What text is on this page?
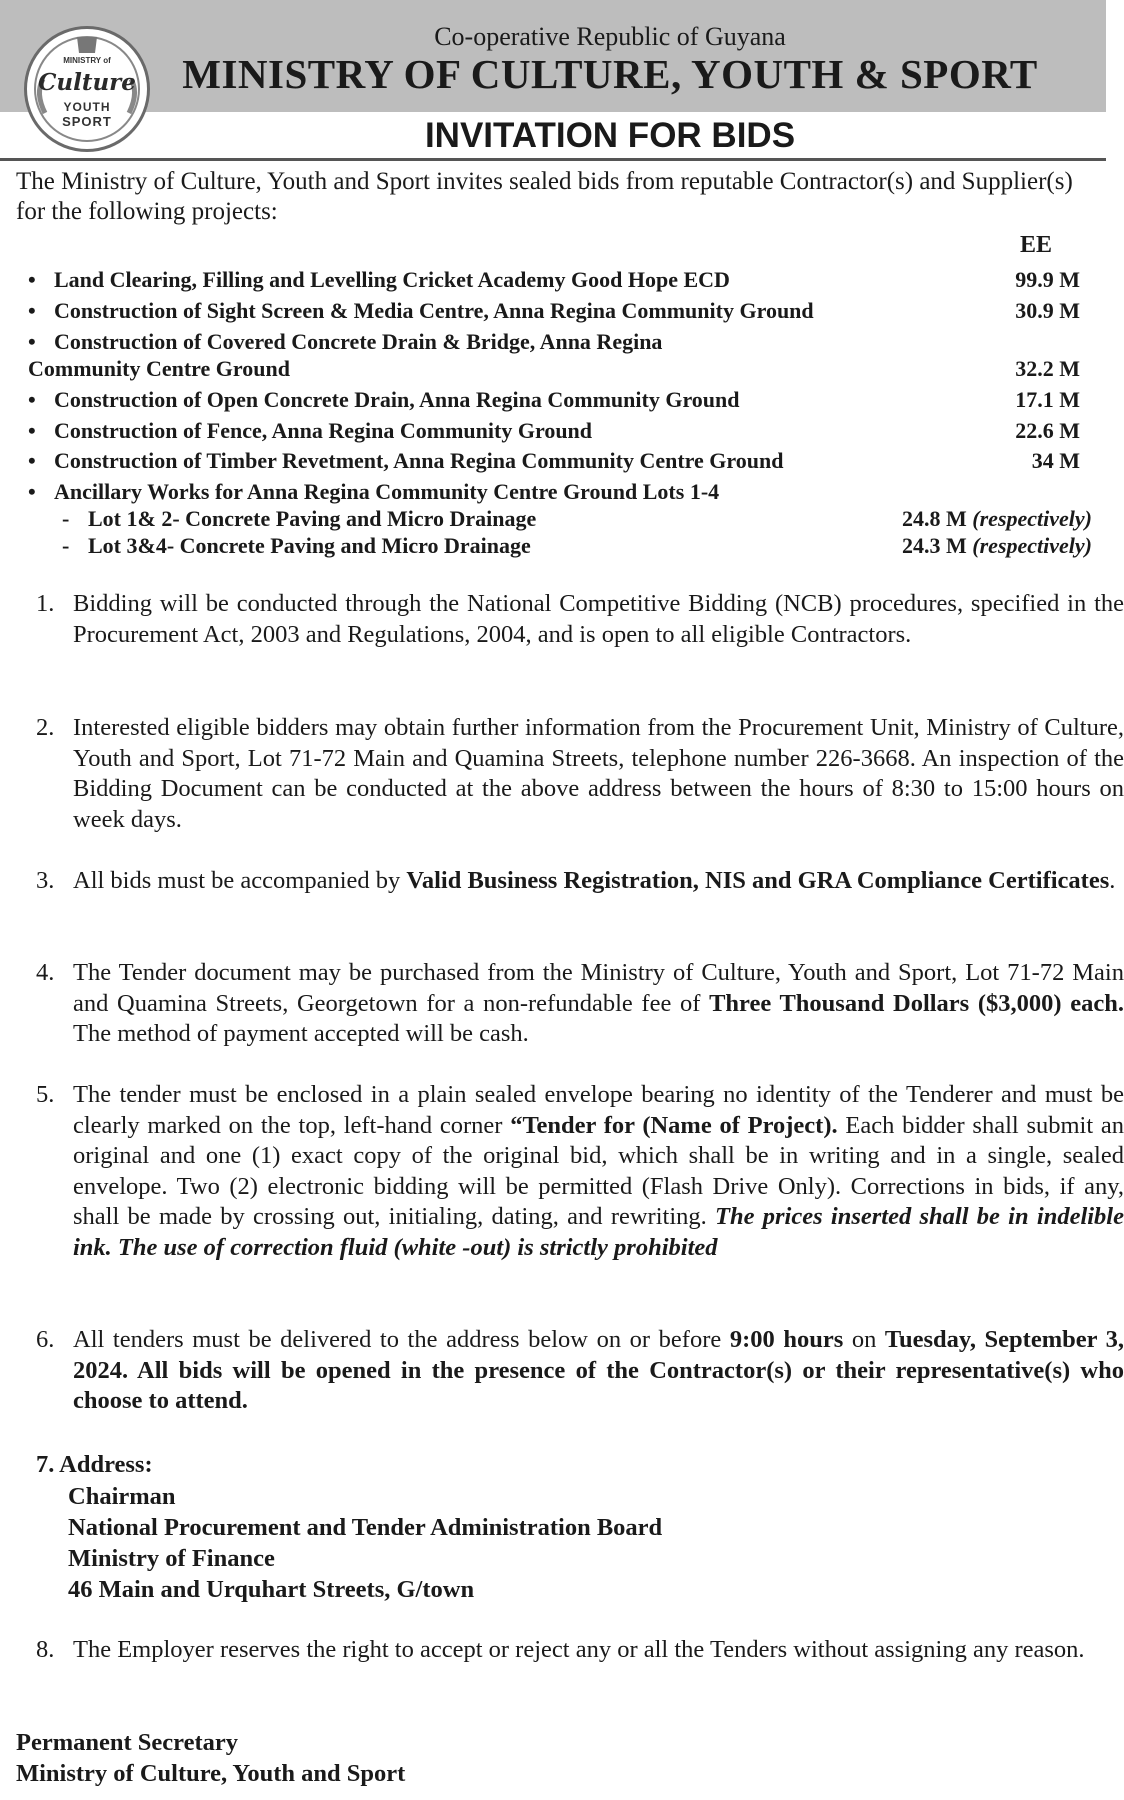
MINISTRY of
Culture
YOUTH
SPORT
Co-operative Republic of Guyana
MINISTRY OF CULTURE, YOUTH & SPORT
INVITATION FOR BIDS
The Ministry of Culture, Youth and Sport invites sealed bids from reputable Contractor(s) and Supplier(s) for the following projects:
EE
• Land Clearing, Filling and Levelling Cricket Academy Good Hope ECD	99.9 M
• Construction of Sight Screen & Media Centre, Anna Regina Community Ground	30.9 M
• Construction of Covered Concrete Drain & Bridge, Anna Regina
Community Centre Ground	32.2 M
• Construction of Open Concrete Drain, Anna Regina Community Ground	17.1 M
• Construction of Fence, Anna Regina Community Ground	22.6 M
• Construction of Timber Revetment, Anna Regina Community Centre Ground	34 M
• Ancillary Works for Anna Regina Community Centre Ground Lots 1-4
- Lot 1& 2- Concrete Paving and Micro Drainage	24.8 M (respectively)
- Lot 3&4- Concrete Paving and Micro Drainage	24.3 M (respectively)
1. Bidding will be conducted through the National Competitive Bidding (NCB) procedures, specified in the Procurement Act, 2003 and Regulations, 2004, and is open to all eligible Contractors.
2. Interested eligible bidders may obtain further information from the Procurement Unit, Ministry of Culture, Youth and Sport, Lot 71-72 Main and Quamina Streets, telephone number 226-3668. An inspection of the Bidding Document can be conducted at the above address between the hours of 8:30 to 15:00 hours on week days.
3. All bids must be accompanied by Valid Business Registration, NIS and GRA Compliance Certificates.
4. The Tender document may be purchased from the Ministry of Culture, Youth and Sport, Lot 71-72 Main and Quamina Streets, Georgetown for a non-refundable fee of Three Thousand Dollars ($3,000) each. The method of payment accepted will be cash.
5. The tender must be enclosed in a plain sealed envelope bearing no identity of the Tenderer and must be clearly marked on the top, left-hand corner “Tender for (Name of Project). Each bidder shall submit an original and one (1) exact copy of the original bid, which shall be in writing and in a single, sealed envelope. Two (2) electronic bidding will be permitted (Flash Drive Only). Corrections in bids, if any, shall be made by crossing out, initialing, dating, and rewriting. The prices inserted shall be in indelible ink. The use of correction fluid (white -out) is strictly prohibited
6. All tenders must be delivered to the address below on or before 9:00 hours on Tuesday, September 3, 2024. All bids will be opened in the presence of the Contractor(s) or their representative(s) who choose to attend.
7. Address:
Chairman
National Procurement and Tender Administration Board
Ministry of Finance
46 Main and Urquhart Streets, G/town
8. The Employer reserves the right to accept or reject any or all the Tenders without assigning any reason.
Permanent Secretary
Ministry of Culture, Youth and Sport
